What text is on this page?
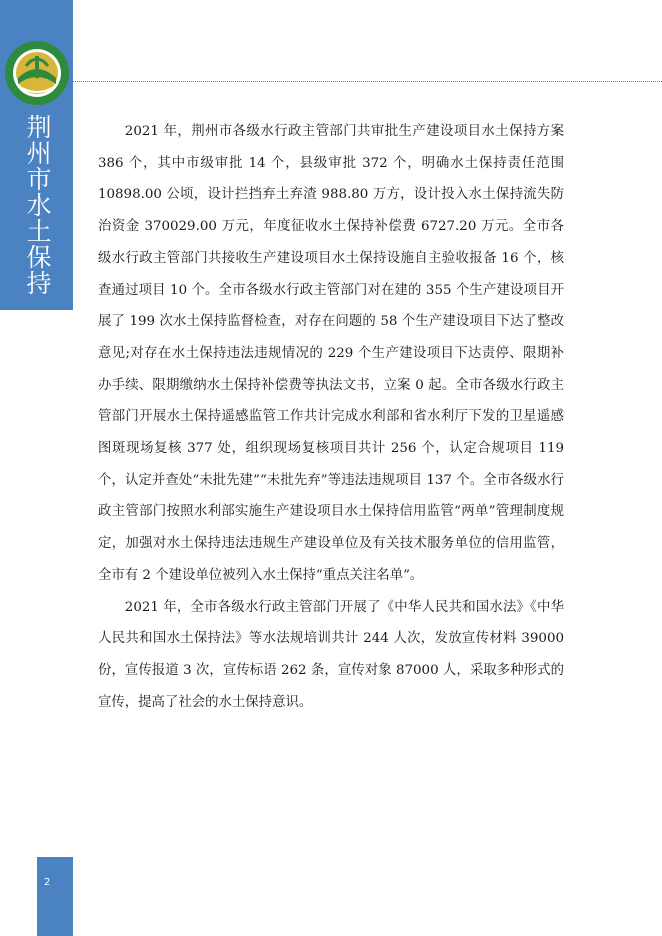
荆州市水土保持

2021 年，荆州市各级水行政主管部门共审批生产建设项目水土保持方案 386 个，其中市级审批 14 个，县级审批 372 个，明确水土保持责任范围 10898.00 公顷，设计拦挡弃土弃渣 988.80 万方，设计投入水土保持流失防治资金 370029.00 万元，年度征收水土保持补偿费 6727.20 万元。全市各级水行政主管部门共接收生产建设项目水土保持设施自主验收报备 16 个，核查通过项目 10 个。全市各级水行政主管部门对在建的 355 个生产建设项目开展了 199 次水土保持监督检查，对存在问题的 58 个生产建设项目下达了整改意见;对存在水土保持违法违规情况的 229 个生产建设项目下达责停、限期补办手续、限期缴纳水土保持补偿费等执法文书，立案 0 起。全市各级水行政主管部门开展水土保持遥感监管工作共计完成水利部和省水利厅下发的卫星遥感图斑现场复核 377 处，组织现场复核项目共计 256 个，认定合规项目 119 个，认定并查处“未批先建”“未批先弃”等违法违规项目 137 个。全市各级水行政主管部门按照水利部实施生产建设项目水土保持信用监管“两单”管理制度规定，加强对水土保持违法违规生产建设单位及有关技术服务单位的信用监管，全市有 2 个建设单位被列入水土保持“重点关注名单”。

2021 年，全市各级水行政主管部门开展了《中华人民共和国水法》《中华人民共和国水土保持法》等水法规培训共计 244 人次，发放宣传材料 39000 份，宣传报道 3 次，宣传标语 262 条，宣传对象 87000 人，采取多种形式的宣传，提高了社会的水土保持意识。

2
